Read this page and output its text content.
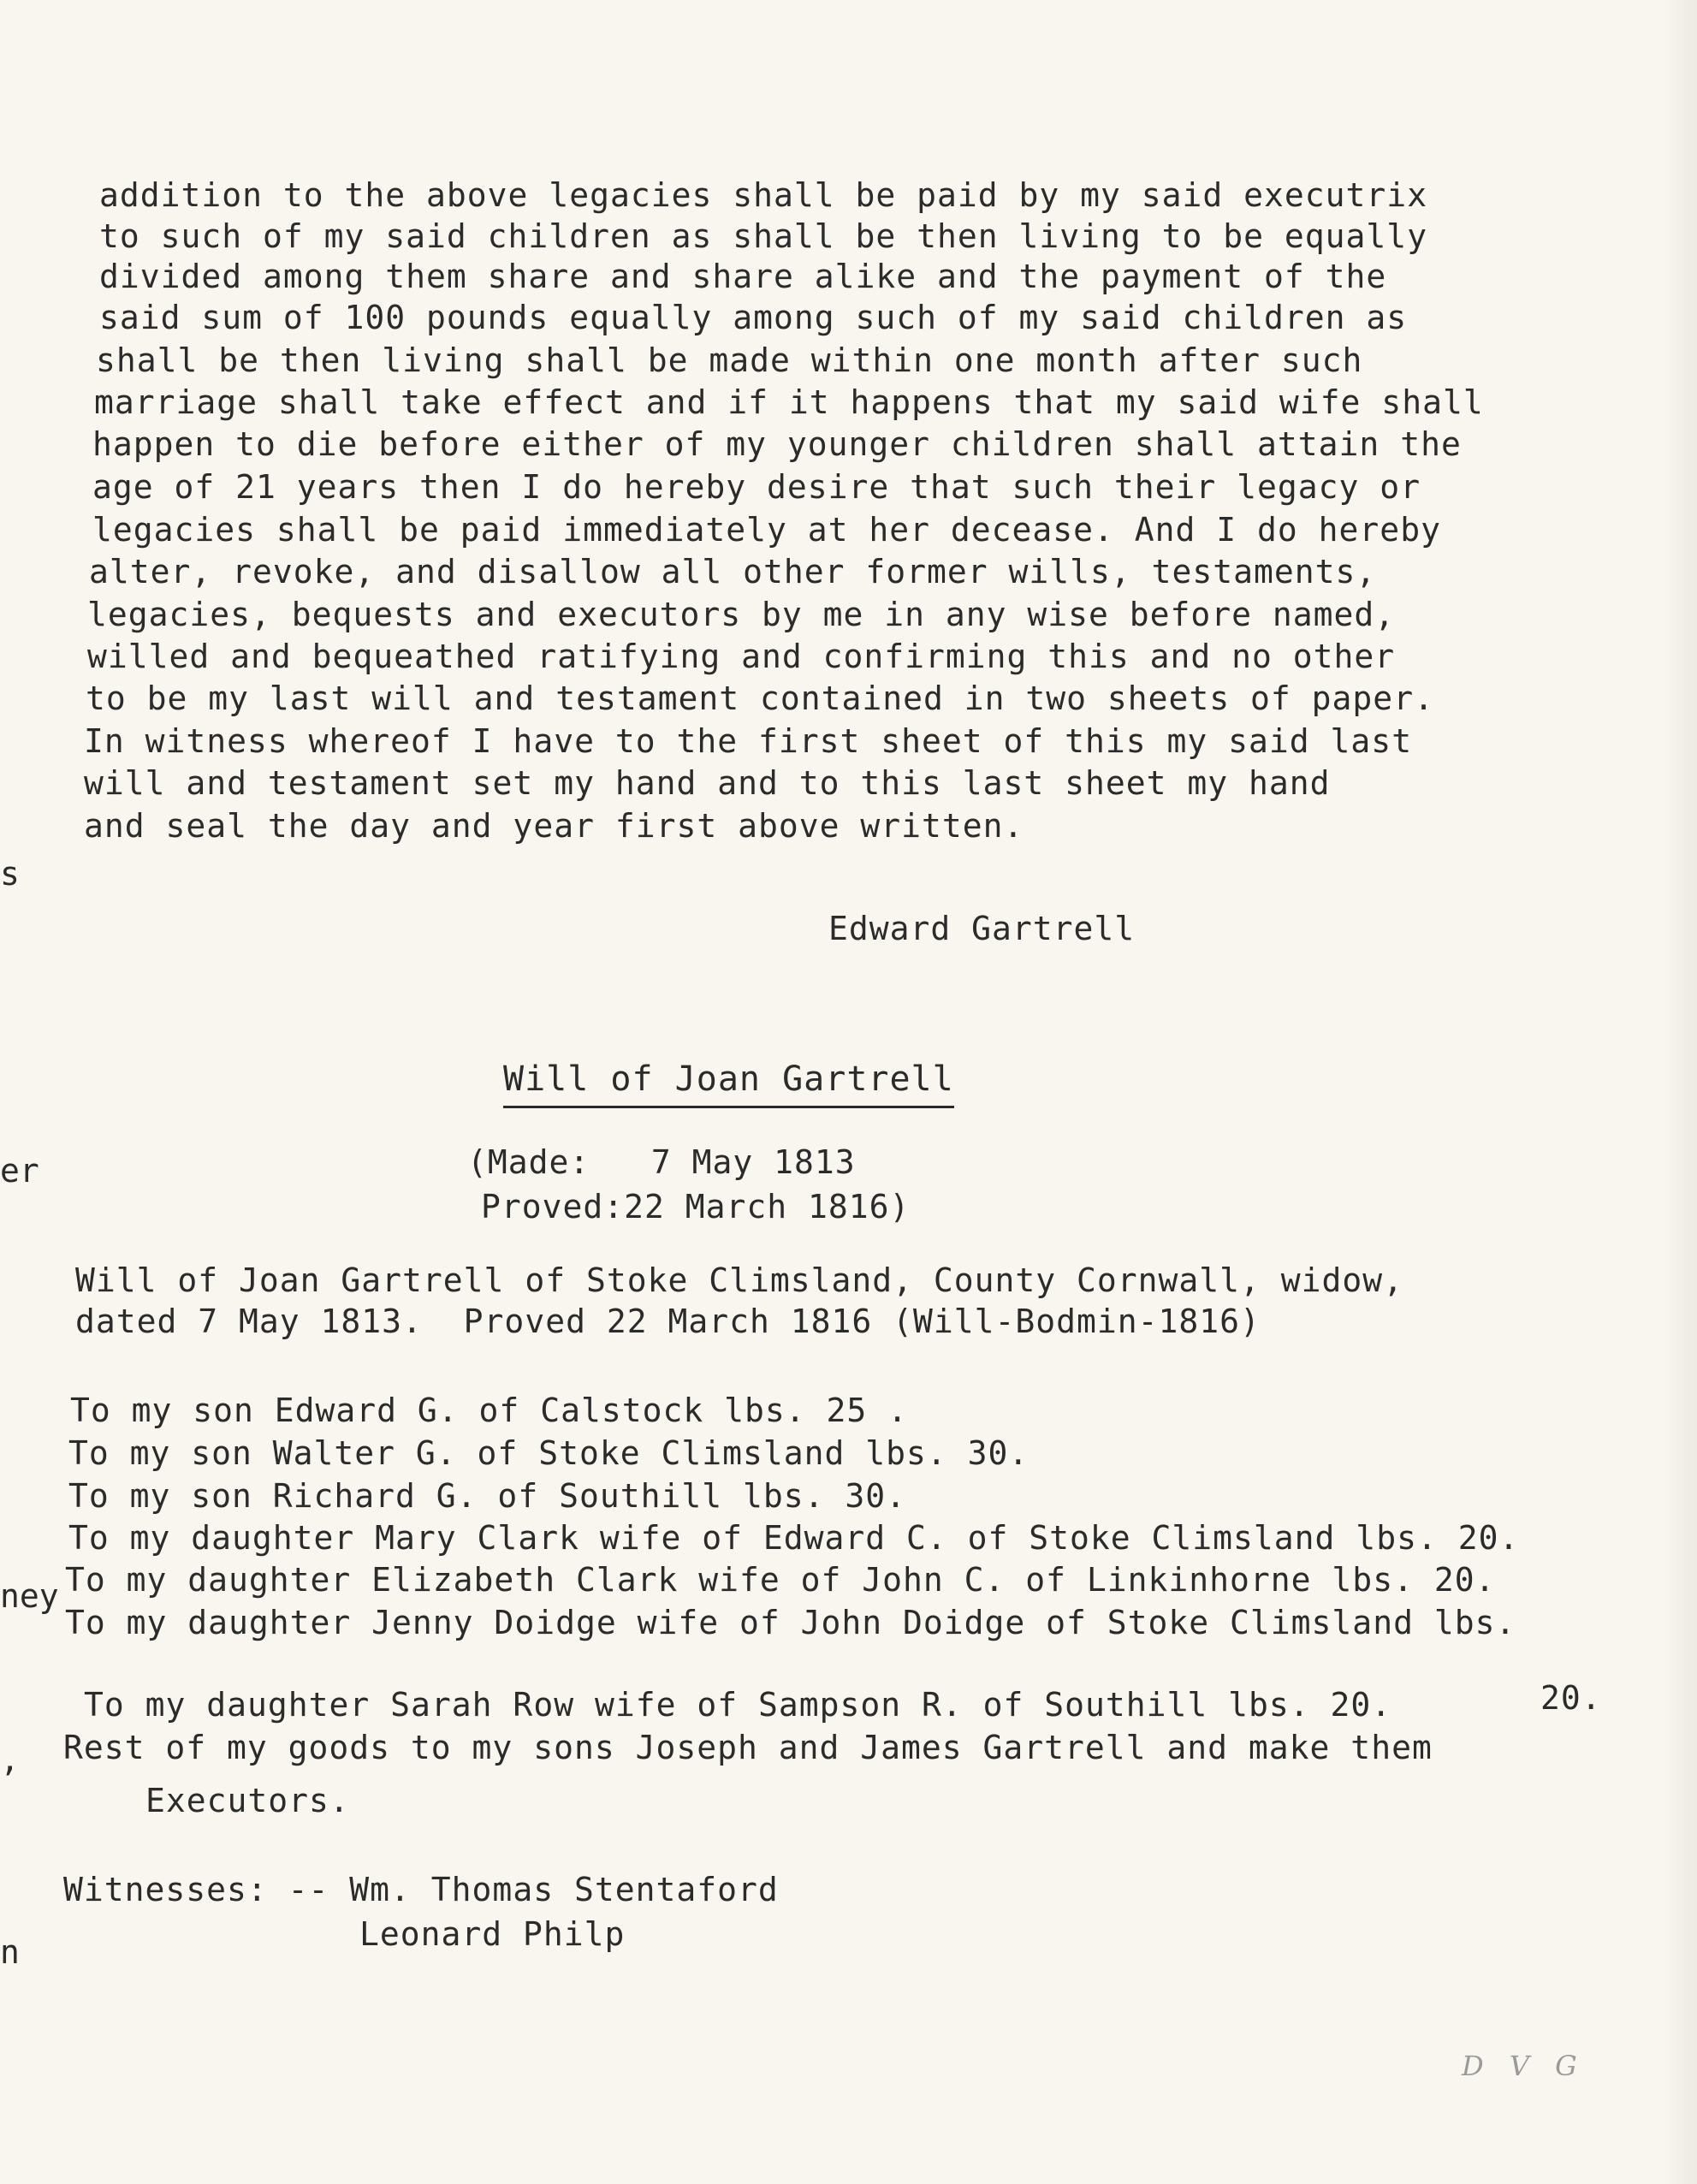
s
er
ney
,
n
addition to the above legacies shall be paid by my said executrix
to such of my said children as shall be then living to be equally
divided among them share and share alike and the payment of the
said sum of 100 pounds equally among such of my said children as
shall be then living shall be made within one month after such
marriage shall take effect and if it happens that my said wife shall
happen to die before either of my younger children shall attain the
age of 21 years then I do hereby desire that such their legacy or
legacies shall be paid immediately at her decease. And I do hereby
alter, revoke, and disallow all other former wills, testaments,
legacies, bequests and executors by me in any wise before named,
willed and bequeathed ratifying and confirming this and no other
to be my last will and testament contained in two sheets of paper.
In witness whereof I have to the first sheet of this my said last
will and testament set my hand and to this last sheet my hand
and seal the day and year first above written.
Edward Gartrell
Will of Joan Gartrell
(Made:   7 May 1813
Proved:22 March 1816)
Will of Joan Gartrell of Stoke Climsland, County Cornwall, widow,
dated 7 May 1813.  Proved 22 March 1816 (Will-Bodmin-1816)
To my son Edward G. of Calstock lbs. 25 .
To my son Walter G. of Stoke Climsland lbs. 30.
To my son Richard G. of Southill lbs. 30.
To my daughter Mary Clark wife of Edward C. of Stoke Climsland lbs. 20.
To my daughter Elizabeth Clark wife of John C. of Linkinhorne lbs. 20.
To my daughter Jenny Doidge wife of John Doidge of Stoke Climsland lbs.
20.
To my daughter Sarah Row wife of Sampson R. of Southill lbs. 20.
Rest of my goods to my sons Joseph and James Gartrell and make them
Executors.
Witnesses: -- Wm. Thomas Stentaford
Leonard Philp
D V G
